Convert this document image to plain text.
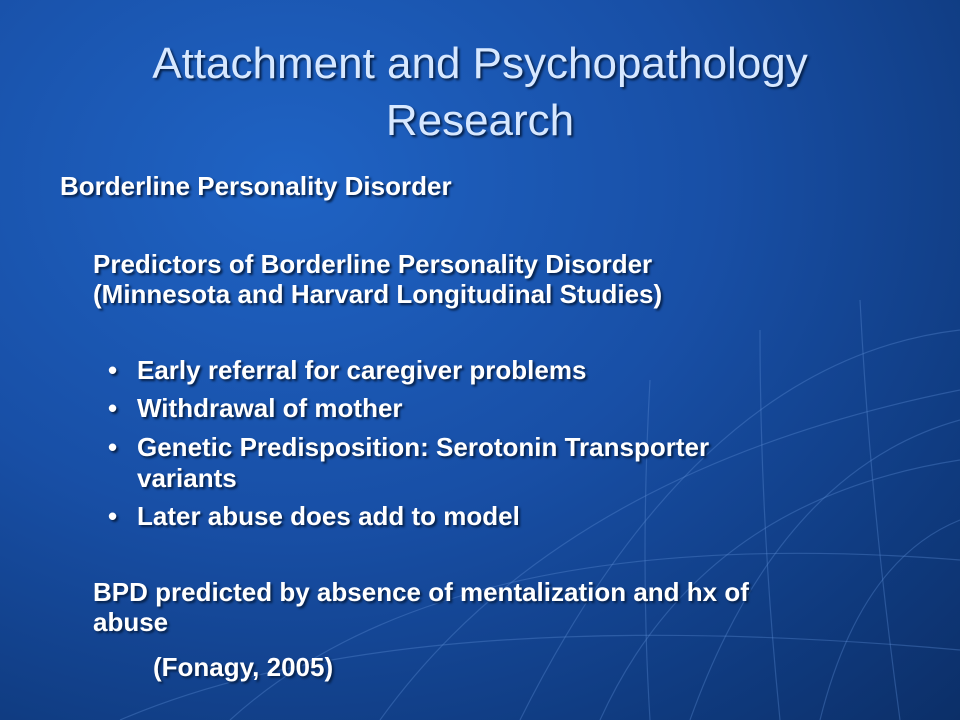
Attachment and Psychopathology
Research
Borderline Personality Disorder
Predictors of Borderline Personality Disorder
(Minnesota and Harvard Longitudinal Studies)
• Early referral for caregiver problems
• Withdrawal of mother
• Genetic Predisposition: Serotonin Transporter
variants
• Later abuse does add to model
BPD predicted by absence of mentalization and hx of
abuse
(Fonagy, 2005)
